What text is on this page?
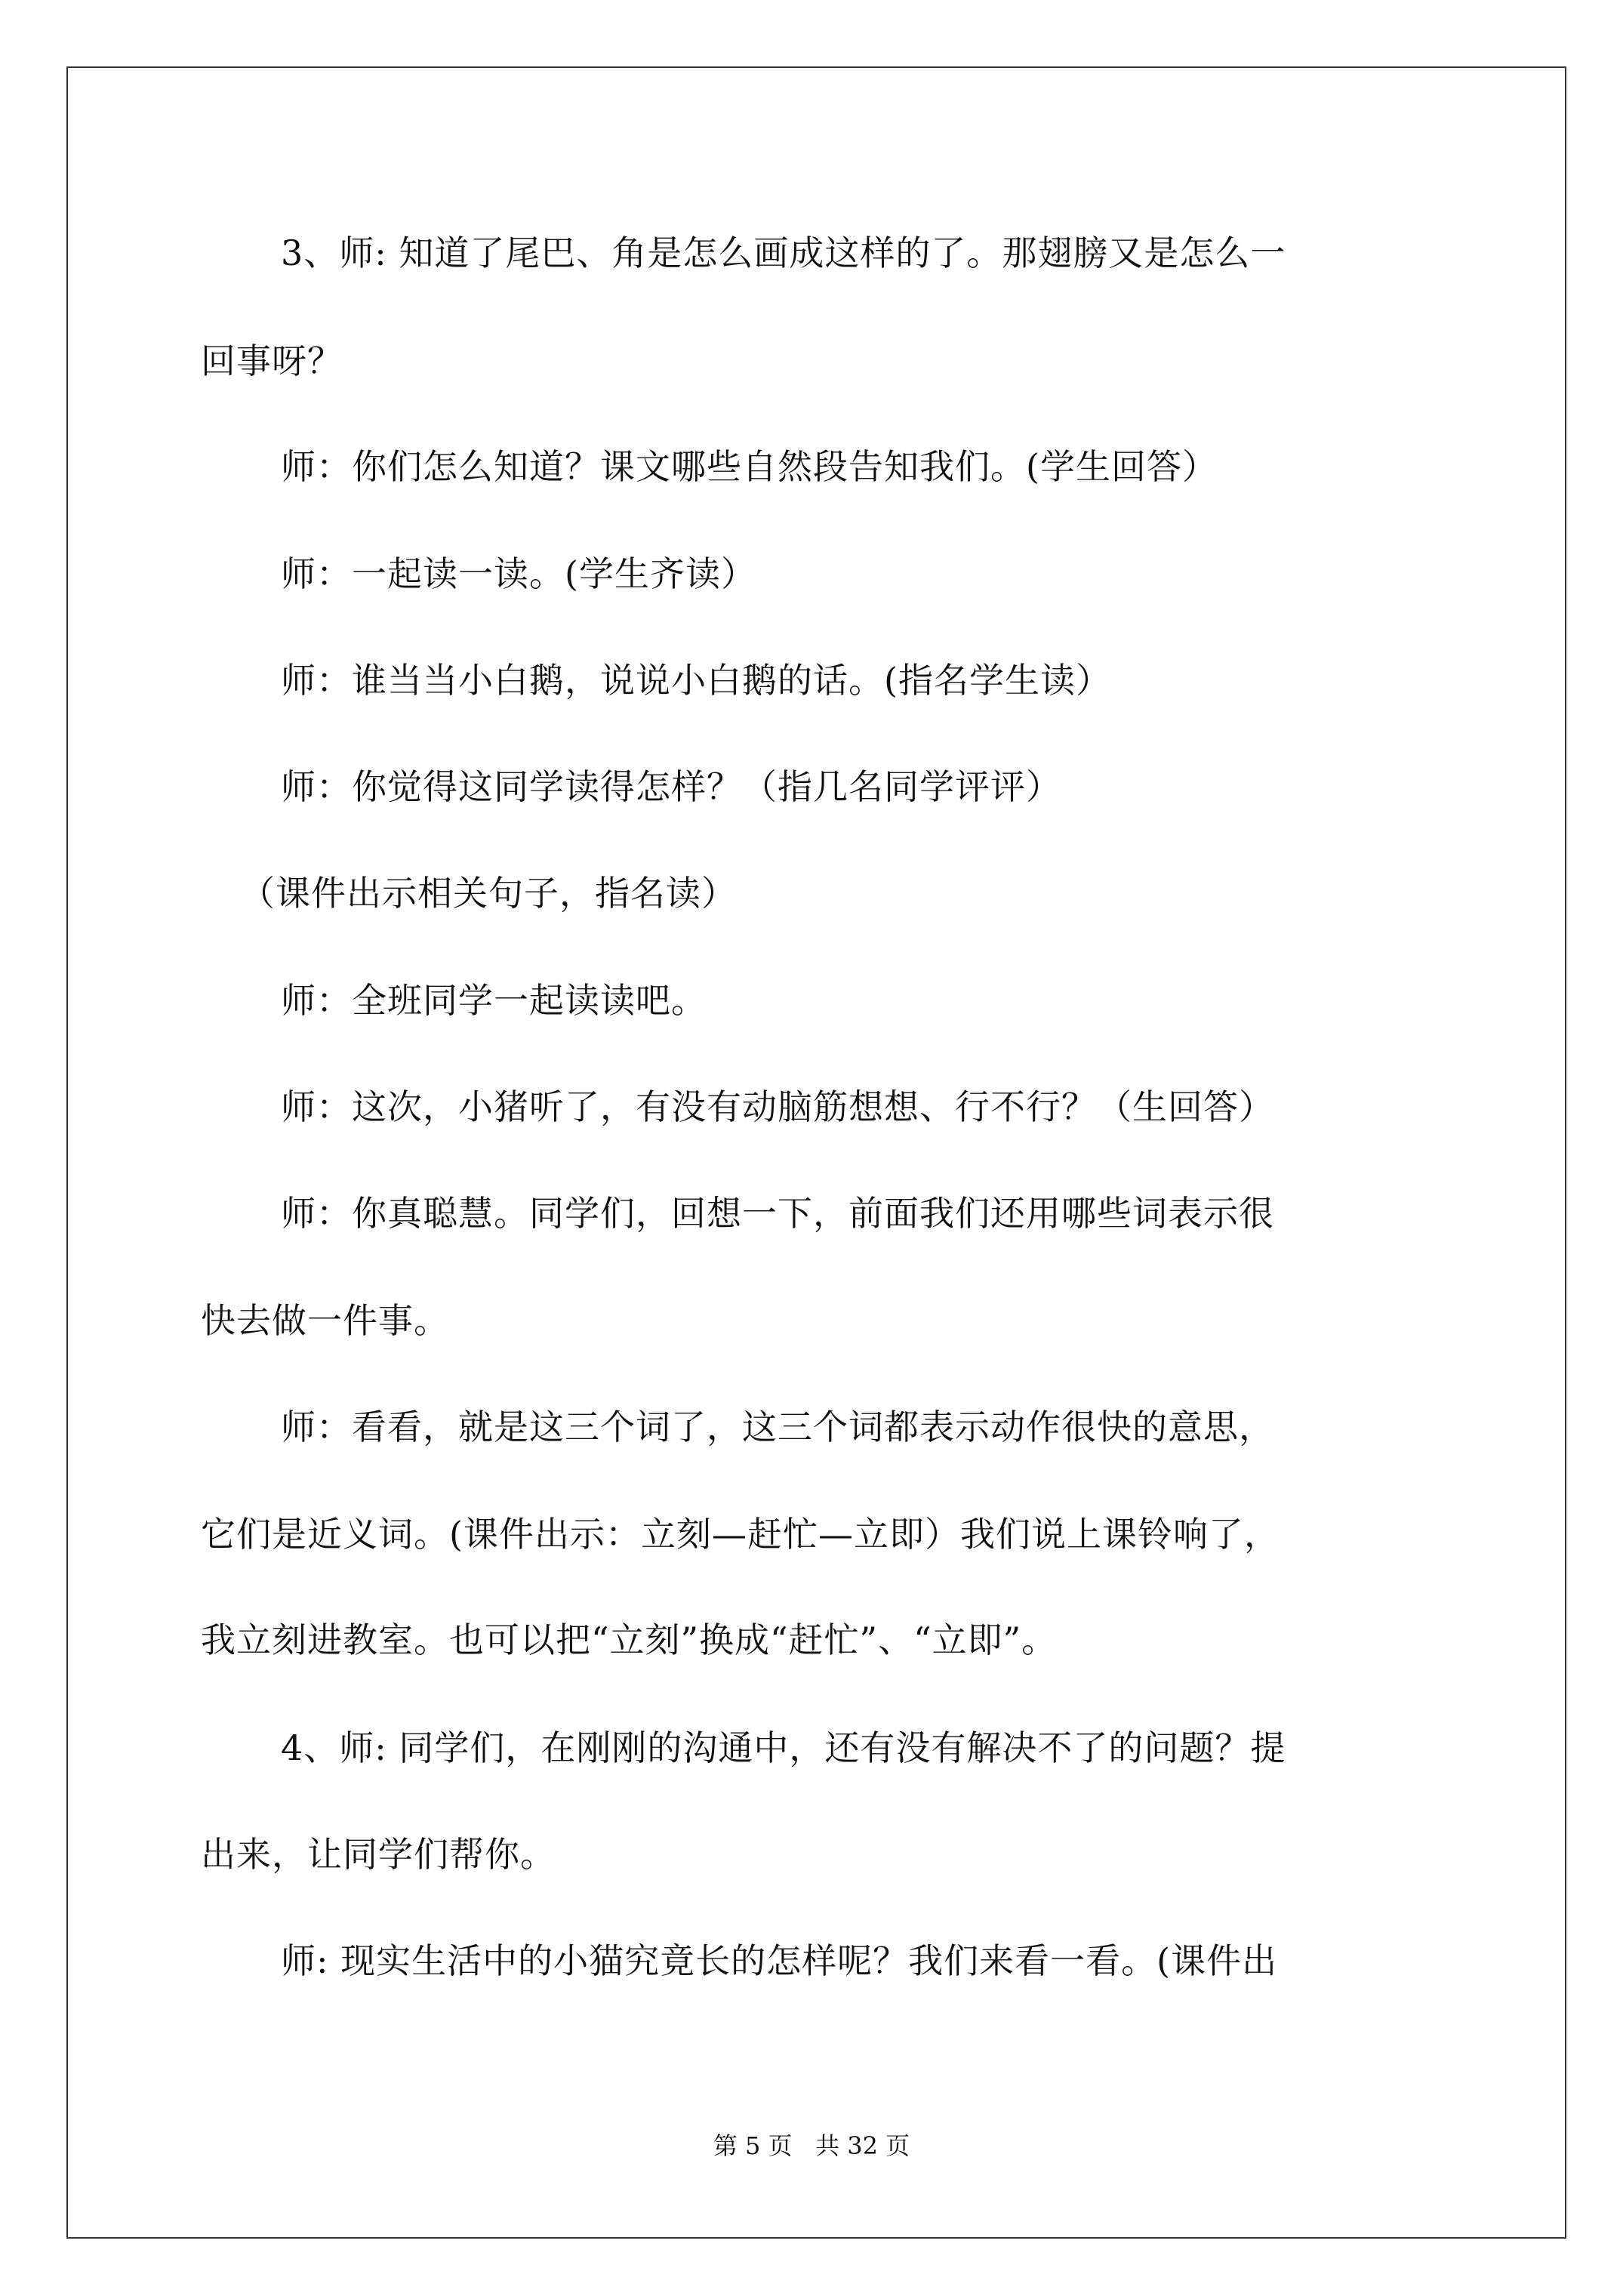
3、师: 知道了尾巴、角是怎么画成这样的了。那翅膀又是怎么一
回事呀？
师：你们怎么知道？课文哪些自然段告知我们。(学生回答）
师：一起读一读。(学生齐读）
师：谁当当小白鹅，说说小白鹅的话。(指名学生读）
师：你觉得这同学读得怎样？（指几名同学评评）
（课件出示相关句子，指名读）
师：全班同学一起读读吧。
师：这次，小猪听了，有没有动脑筋想想、行不行？（生回答）
师：你真聪慧。同学们，回想一下，前面我们还用哪些词表示很
快去做一件事。
师：看看，就是这三个词了，这三个词都表示动作很快的意思，
它们是近义词。(课件出示：立刻—赶忙—立即）我们说上课铃响了，
我立刻进教室。也可以把“立刻”换成“赶忙”、“立即”。
4、师: 同学们，在刚刚的沟通中，还有没有解决不了的问题？提
出来，让同学们帮你。
师: 现实生活中的小猫究竟长的怎样呢？我们来看一看。(课件出
第 5 页   共 32 页
